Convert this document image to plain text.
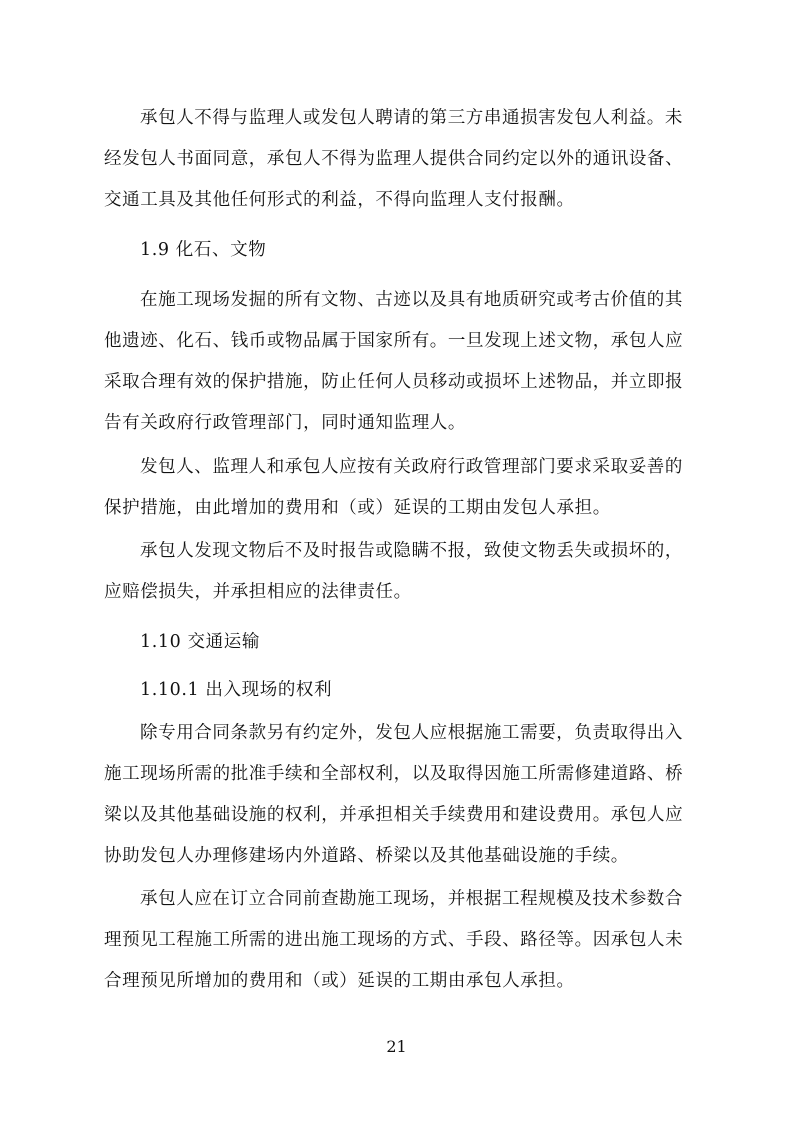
承包人不得与监理人或发包人聘请的第三方串通损害发包人利益。未
经发包人书面同意，承包人不得为监理人提供合同约定以外的通讯设备、
交通工具及其他任何形式的利益，不得向监理人支付报酬。
1.9 化石、文物
在施工现场发掘的所有文物、古迹以及具有地质研究或考古价值的其
他遗迹、化石、钱币或物品属于国家所有。一旦发现上述文物，承包人应
采取合理有效的保护措施，防止任何人员移动或损坏上述物品，并立即报
告有关政府行政管理部门，同时通知监理人。
发包人、监理人和承包人应按有关政府行政管理部门要求采取妥善的
保护措施，由此增加的费用和（或）延误的工期由发包人承担。
承包人发现文物后不及时报告或隐瞒不报，致使文物丢失或损坏的，
应赔偿损失，并承担相应的法律责任。
1.10 交通运输
1.10.1 出入现场的权利
除专用合同条款另有约定外，发包人应根据施工需要，负责取得出入
施工现场所需的批准手续和全部权利，以及取得因施工所需修建道路、桥
梁以及其他基础设施的权利，并承担相关手续费用和建设费用。承包人应
协助发包人办理修建场内外道路、桥梁以及其他基础设施的手续。
承包人应在订立合同前查勘施工现场，并根据工程规模及技术参数合
理预见工程施工所需的进出施工现场的方式、手段、路径等。因承包人未
合理预见所增加的费用和（或）延误的工期由承包人承担。
21
